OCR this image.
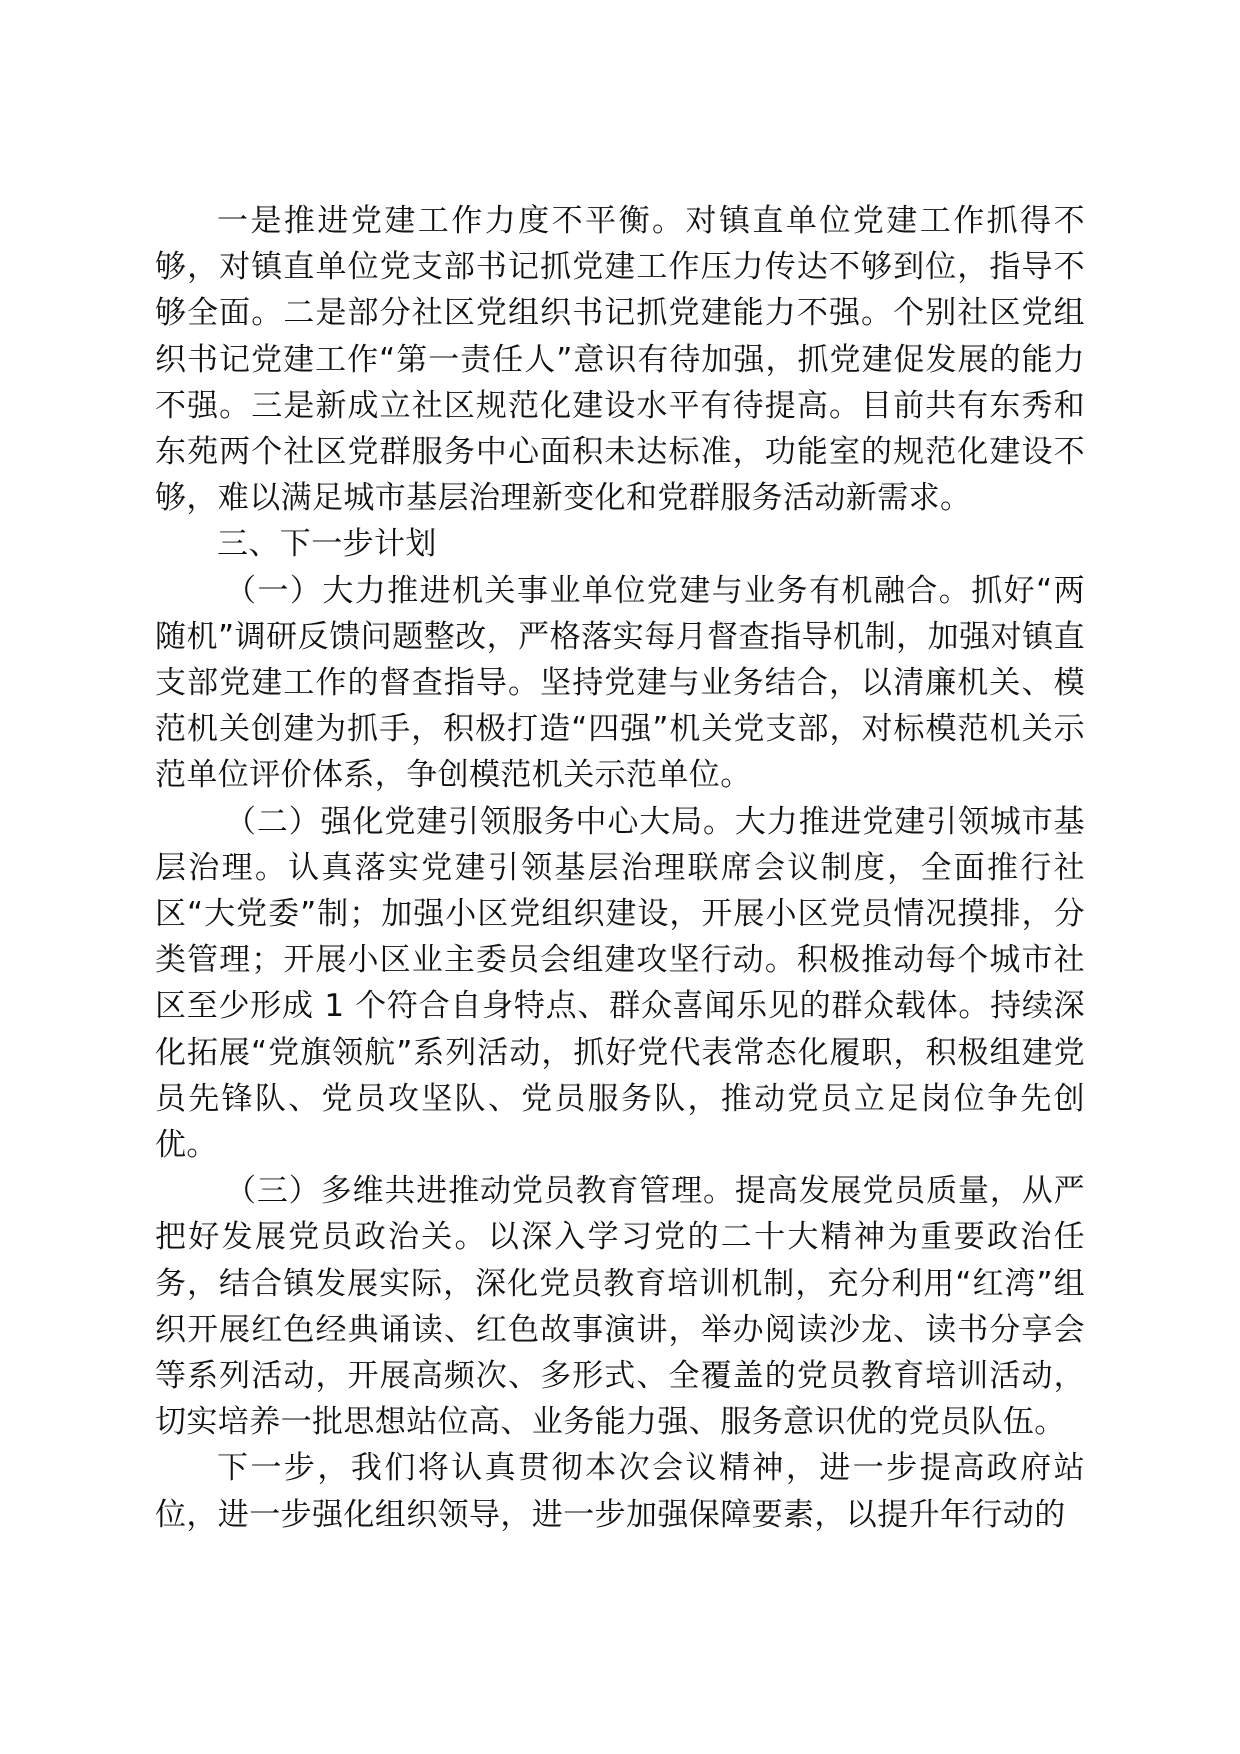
一是推进党建工作力度不平衡。对镇直单位党建工作抓得不够，对镇直单位党支部书记抓党建工作压力传达不够到位，指导不够全面。二是部分社区党组织书记抓党建能力不强。个别社区党组织书记党建工作“第一责任人”意识有待加强，抓党建促发展的能力不强。三是新成立社区规范化建设水平有待提高。目前共有东秀和东苑两个社区党群服务中心面积未达标准，功能室的规范化建设不够，难以满足城市基层治理新变化和党群服务活动新需求。

三、下一步计划

（一）大力推进机关事业单位党建与业务有机融合。抓好“两随机”调研反馈问题整改，严格落实每月督查指导机制，加强对镇直支部党建工作的督查指导。坚持党建与业务结合，以清廉机关、模范机关创建为抓手，积极打造“四强”机关党支部，对标模范机关示范单位评价体系，争创模范机关示范单位。

（二）强化党建引领服务中心大局。大力推进党建引领城市基层治理。认真落实党建引领基层治理联席会议制度，全面推行社区“大党委”制；加强小区党组织建设，开展小区党员情况摸排，分类管理；开展小区业主委员会组建攻坚行动。积极推动每个城市社区至少形成 1 个符合自身特点、群众喜闻乐见的群众载体。持续深化拓展“党旗领航”系列活动，抓好党代表常态化履职，积极组建党员先锋队、党员攻坚队、党员服务队，推动党员立足岗位争先创优。

（三）多维共进推动党员教育管理。提高发展党员质量，从严把好发展党员政治关。以深入学习党的二十大精神为重要政治任务，结合镇发展实际，深化党员教育培训机制，充分利用“红湾”组织开展红色经典诵读、红色故事演讲，举办阅读沙龙、读书分享会等系列活动，开展高频次、多形式、全覆盖的党员教育培训活动，切实培养一批思想站位高、业务能力强、服务意识优的党员队伍。

下一步，我们将认真贯彻本次会议精神，进一步提高政府站位，进一步强化组织领导，进一步加强保障要素，以提升年行动的
